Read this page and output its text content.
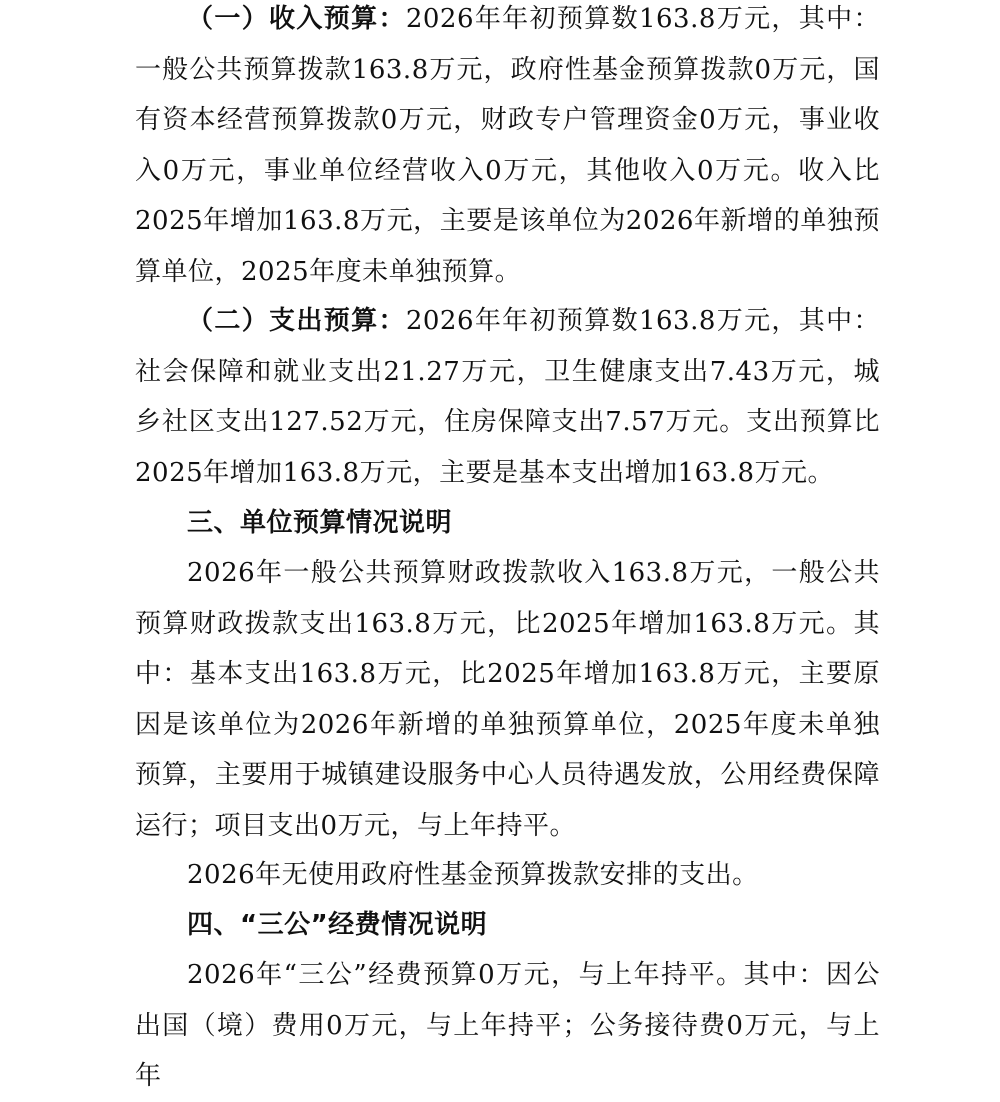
（一）收入预算：2026年年初预算数163.8万元，其中：一般公共预算拨款163.8万元，政府性基金预算拨款0万元，国有资本经营预算拨款0万元，财政专户管理资金0万元，事业收入0万元，事业单位经营收入0万元，其他收入0万元。收入比2025年增加163.8万元，主要是该单位为2026年新增的单独预算单位，2025年度未单独预算。

（二）支出预算：2026年年初预算数163.8万元，其中：社会保障和就业支出21.27万元，卫生健康支出7.43万元，城乡社区支出127.52万元，住房保障支出7.57万元。支出预算比2025年增加163.8万元，主要是基本支出增加163.8万元。

三、单位预算情况说明

2026年一般公共预算财政拨款收入163.8万元，一般公共预算财政拨款支出163.8万元，比2025年增加163.8万元。其中：基本支出163.8万元，比2025年增加163.8万元，主要原因是该单位为2026年新增的单独预算单位，2025年度未单独预算，主要用于城镇建设服务中心人员待遇发放，公用经费保障运行；项目支出0万元，与上年持平。

2026年无使用政府性基金预算拨款安排的支出。

四、“三公”经费情况说明

2026年“三公”经费预算0万元，与上年持平。其中：因公出国（境）费用0万元，与上年持平；公务接待费0万元，与上年
